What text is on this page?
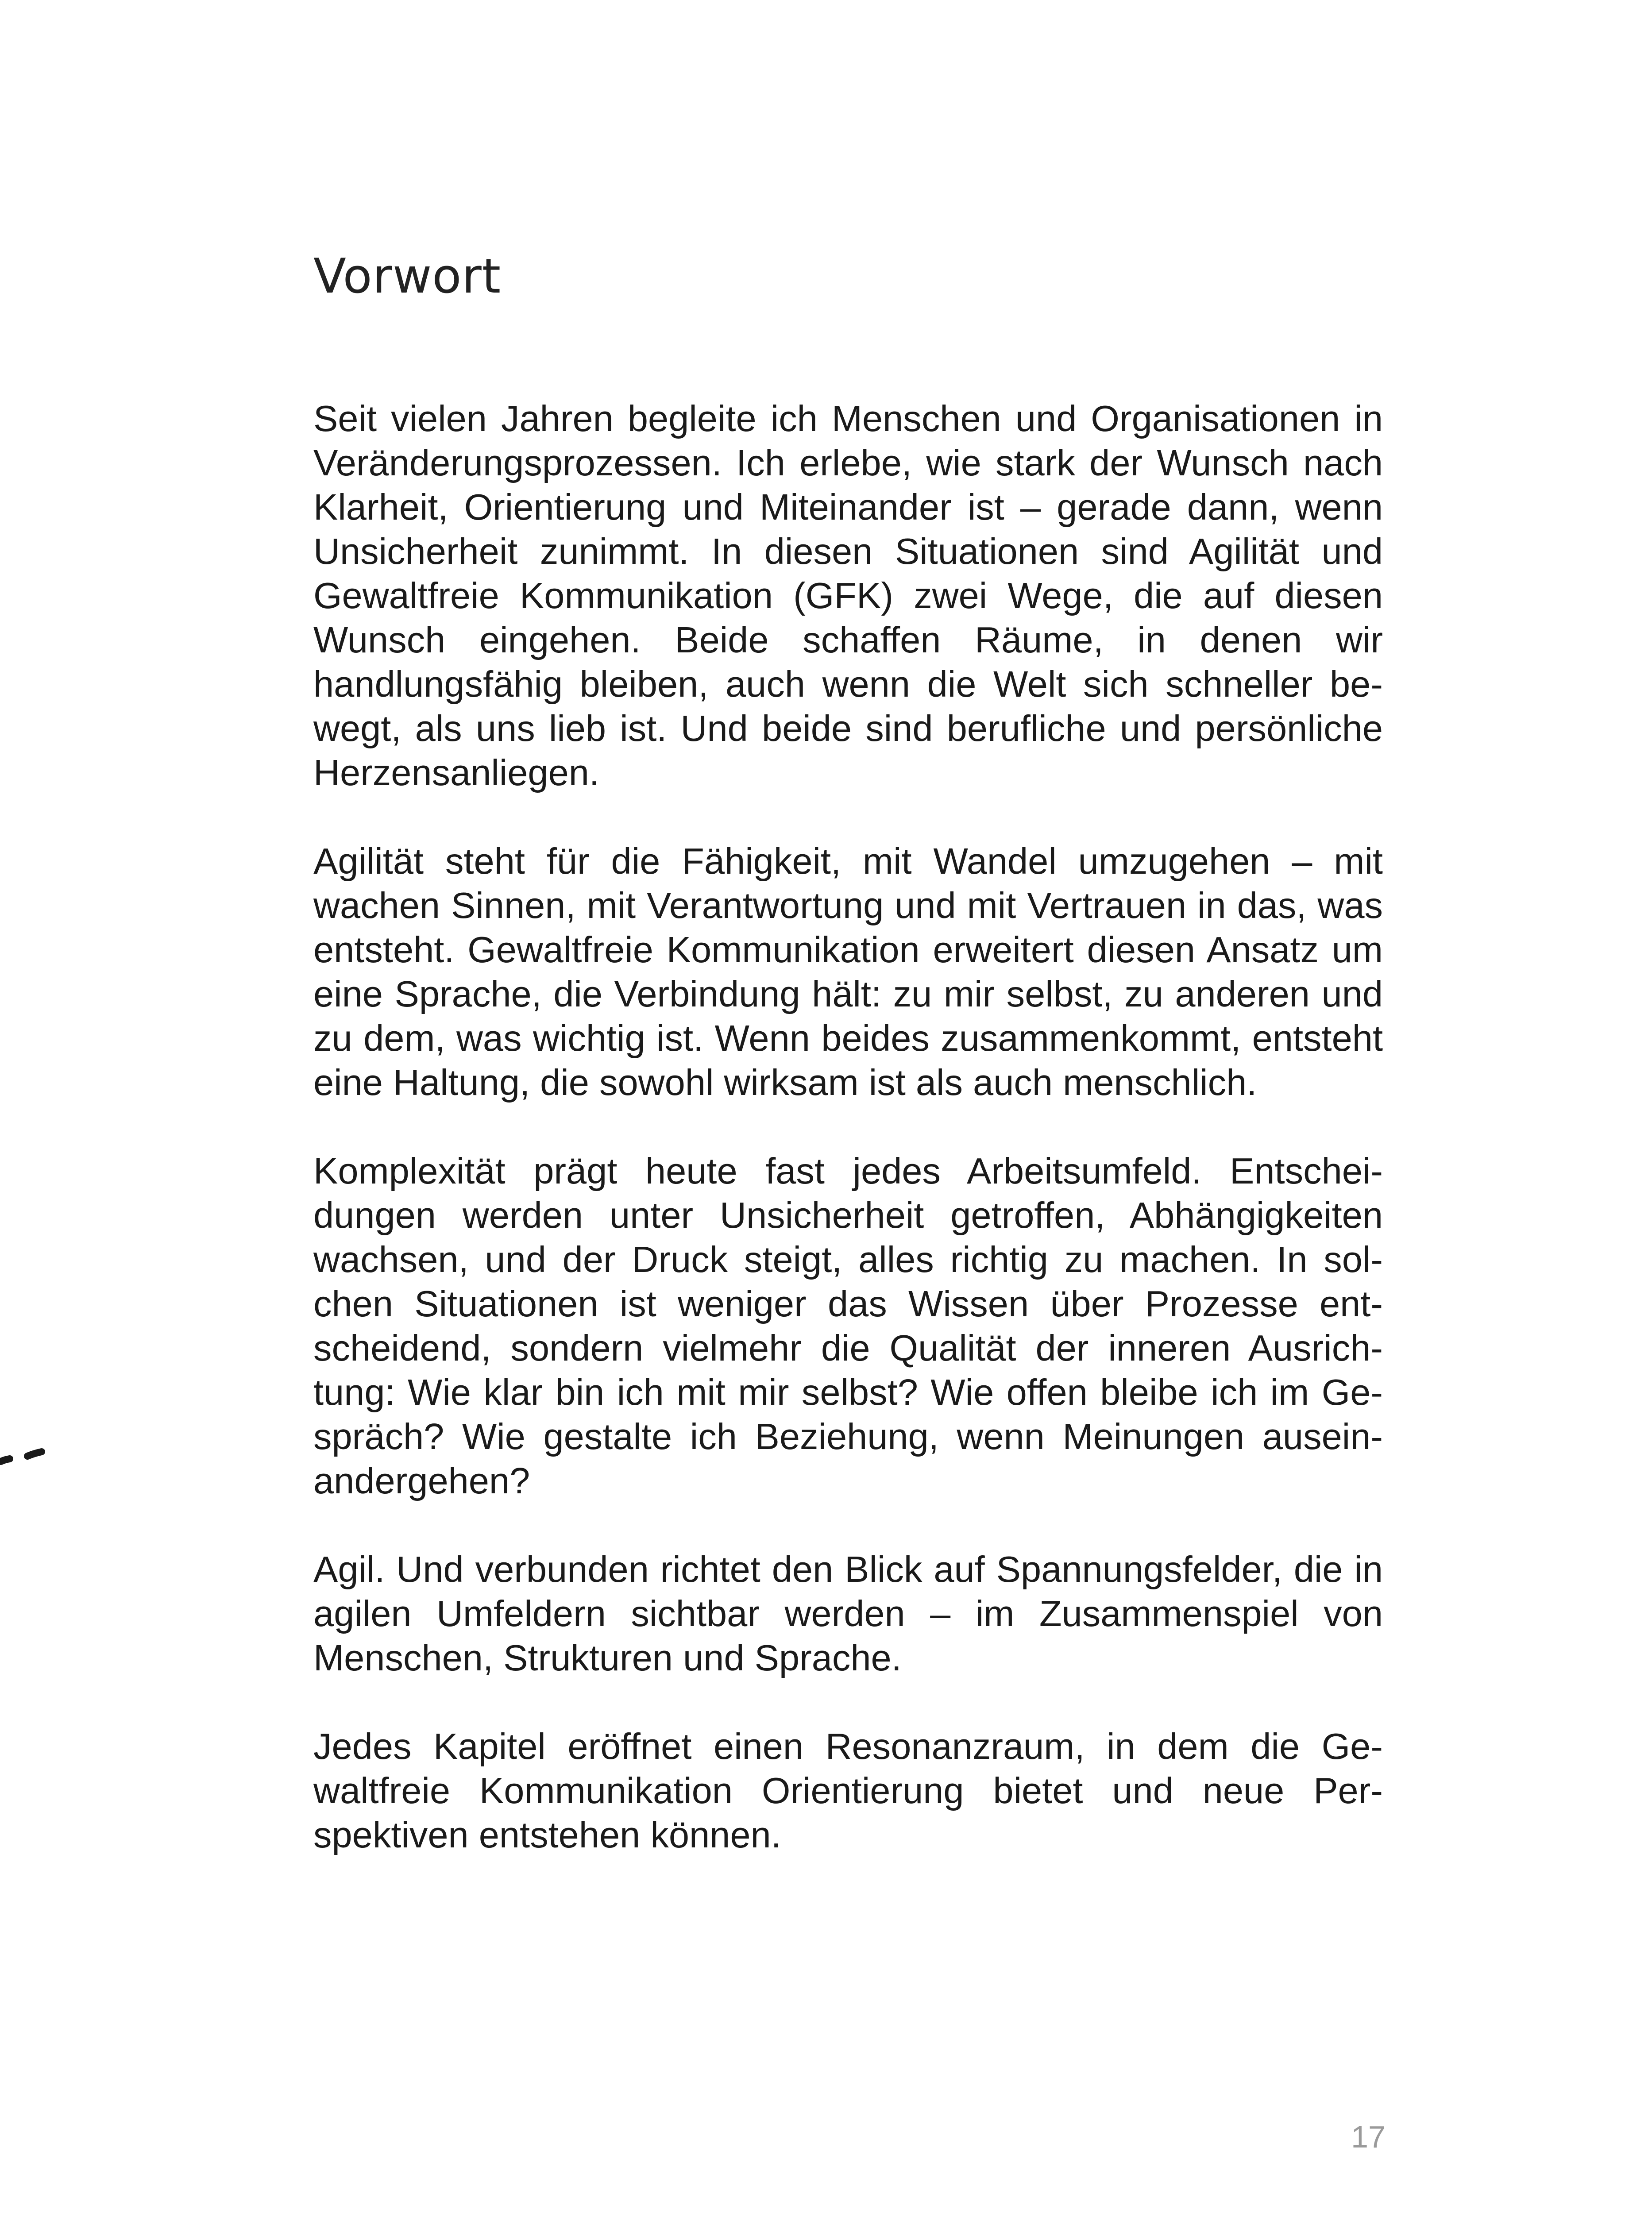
Vorwort

Seit vielen Jahren begleite ich Menschen und Organisationen in Veränderungsprozessen. Ich erlebe, wie stark der Wunsch nach Klarheit, Orientierung und Miteinander ist – gerade dann, wenn Unsicherheit zunimmt. In diesen Situationen sind Agilität und Gewaltfreie Kommunikation (GFK) zwei Wege, die auf diesen Wunsch eingehen. Beide schaffen Räume, in denen wir handlungsfähig bleiben, auch wenn die Welt sich schneller bewegt, als uns lieb ist. Und beide sind berufliche und persönliche Herzensanliegen.

Agilität steht für die Fähigkeit, mit Wandel umzugehen – mit wachen Sinnen, mit Verantwortung und mit Vertrauen in das, was entsteht. Gewaltfreie Kommunikation erweitert diesen Ansatz um eine Sprache, die Verbindung hält: zu mir selbst, zu anderen und zu dem, was wichtig ist. Wenn beides zusammenkommt, entsteht eine Haltung, die sowohl wirksam ist als auch menschlich.

Komplexität prägt heute fast jedes Arbeitsumfeld. Entscheidungen werden unter Unsicherheit getroffen, Abhängigkeiten wachsen, und der Druck steigt, alles richtig zu machen. In solchen Situationen ist weniger das Wissen über Prozesse entscheidend, sondern vielmehr die Qualität der inneren Ausrichtung: Wie klar bin ich mit mir selbst? Wie offen bleibe ich im Gespräch? Wie gestalte ich Beziehung, wenn Meinungen auseinandergehen?

Agil. Und verbunden richtet den Blick auf Spannungsfelder, die in agilen Umfeldern sichtbar werden – im Zusammenspiel von Menschen, Strukturen und Sprache.

Jedes Kapitel eröffnet einen Resonanzraum, in dem die Gewaltfreie Kommunikation Orientierung bietet und neue Perspektiven entstehen können.

17
